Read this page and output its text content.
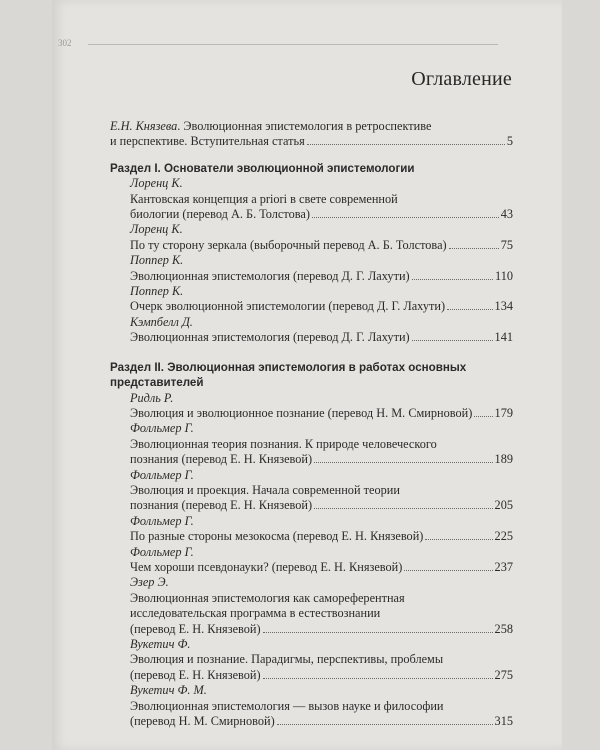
302
Оглавление
Е.Н. Князева. Эволюционная эпистемология в ретроспективе
и перспективе. Вступительная статья	5
Раздел I. Основатели эволюционной эпистемологии
Лоренц К.
Кантовская концепция a priori в свете современной
биологии (перевод А. Б. Толстова)	43
Лоренц К.
По ту сторону зеркала (выборочный перевод А. Б. Толстова)	75
Поппер К.
Эволюционная эпистемология (перевод Д. Г. Лахути)	110
Поппер К.
Очерк эволюционной эпистемологии (перевод Д. Г. Лахути)	134
Кэмпбелл Д.
Эволюционная эпистемология (перевод Д. Г. Лахути)	141
Раздел II. Эволюционная эпистемология в работах основных
представителей
Ридль Р.
Эволюция и эволюционное познание (перевод Н. М. Смирновой) 179
Фолльмер Г.
Эволюционная теория познания. К природе человеческого
познания (перевод Е. Н. Князевой)	189
Фолльмер Г.
Эволюция и проекция. Начала современной теории
познания (перевод Е. Н. Князевой)	205
Фолльмер Г.
По разные стороны мезокосма (перевод Е. Н. Князевой)	225
Фолльмер Г.
Чем хороши псевдонауки? (перевод Е. Н. Князевой)	237
Эзер Э.
Эволюционная эпистемология как самореферентная
исследовательская программа в естествознании
(перевод Е. Н. Князевой)	258
Вукетич Ф.
Эволюция и познание. Парадигмы, перспективы, проблемы
(перевод Е. Н. Князевой)	275
Вукетич Ф. М.
Эволюционная эпистемология — вызов науке и философии
(перевод Н. М. Смирновой)	315
